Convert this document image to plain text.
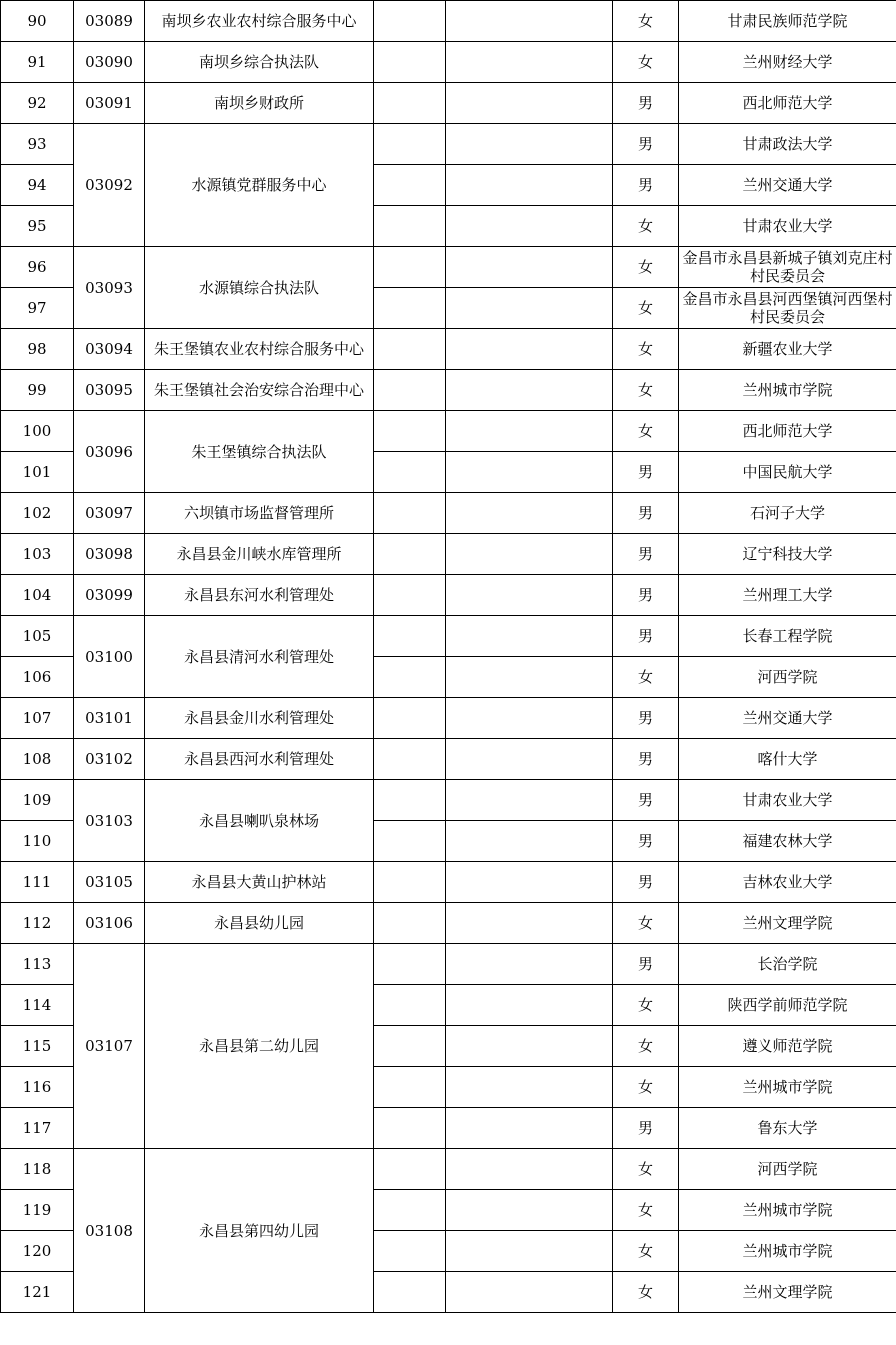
90	03089	南坝乡农业农村综合服务中心			女	甘肃民族师范学院
91	03090	南坝乡综合执法队			女	兰州财经大学
92	03091	南坝乡财政所			男	西北师范大学
93	03092	水源镇党群服务中心			男	甘肃政法大学
94					男	兰州交通大学
95					女	甘肃农业大学
96	03093	水源镇综合执法队			女	金昌市永昌县新城子镇刘克庄村村民委员会
97					女	金昌市永昌县河西堡镇河西堡村村民委员会
98	03094	朱王堡镇农业农村综合服务中心			女	新疆农业大学
99	03095	朱王堡镇社会治安综合治理中心			女	兰州城市学院
100	03096	朱王堡镇综合执法队			女	西北师范大学
101					男	中国民航大学
102	03097	六坝镇市场监督管理所			男	石河子大学
103	03098	永昌县金川峡水库管理所			男	辽宁科技大学
104	03099	永昌县东河水利管理处			男	兰州理工大学
105	03100	永昌县清河水利管理处			男	长春工程学院
106					女	河西学院
107	03101	永昌县金川水利管理处			男	兰州交通大学
108	03102	永昌县西河水利管理处			男	喀什大学
109	03103	永昌县喇叭泉林场			男	甘肃农业大学
110					男	福建农林大学
111	03105	永昌县大黄山护林站			男	吉林农业大学
112	03106	永昌县幼儿园			女	兰州文理学院
113	03107	永昌县第二幼儿园			男	长治学院
114					女	陕西学前师范学院
115					女	遵义师范学院
116					女	兰州城市学院
117					男	鲁东大学
118	03108	永昌县第四幼儿园			女	河西学院
119					女	兰州城市学院
120					女	兰州城市学院
121					女	兰州文理学院
